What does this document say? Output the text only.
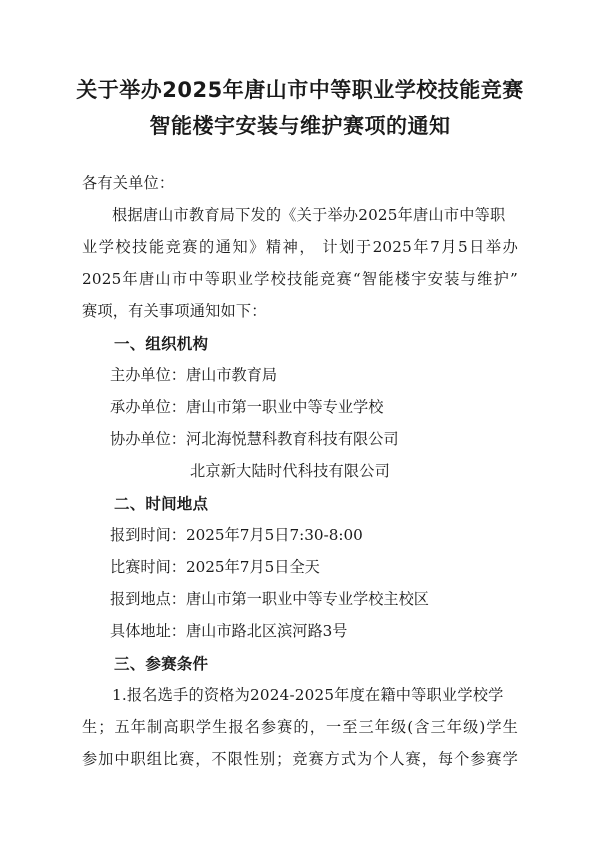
关于举办2025年唐山市中等职业学校技能竞赛
智能楼宇安装与维护赛项的通知
各有关单位：
根据唐山市教育局下发的《关于举办2025年唐山市中等职
业学校技能竞赛的通知》精神， 计划于2025年7月5日举办
2025年唐山市中等职业学校技能竞赛“智能楼宇安装与维护”
赛项，有关事项通知如下：
一、组织机构
主办单位：唐山市教育局
承办单位：唐山市第一职业中等专业学校
协办单位：河北海悦慧科教育科技有限公司
北京新大陆时代科技有限公司
二、时间地点
报到时间：2025年7月5日7:30-8:00
比赛时间：2025年7月5日全天
报到地点：唐山市第一职业中等专业学校主校区
具体地址：唐山市路北区滨河路3号
三、参赛条件
1.报名选手的资格为2024-2025年度在籍中等职业学校学
生；五年制高职学生报名参赛的，一至三年级(含三年级)学生
参加中职组比赛，不限性别；竞赛方式为个人赛，每个参赛学
